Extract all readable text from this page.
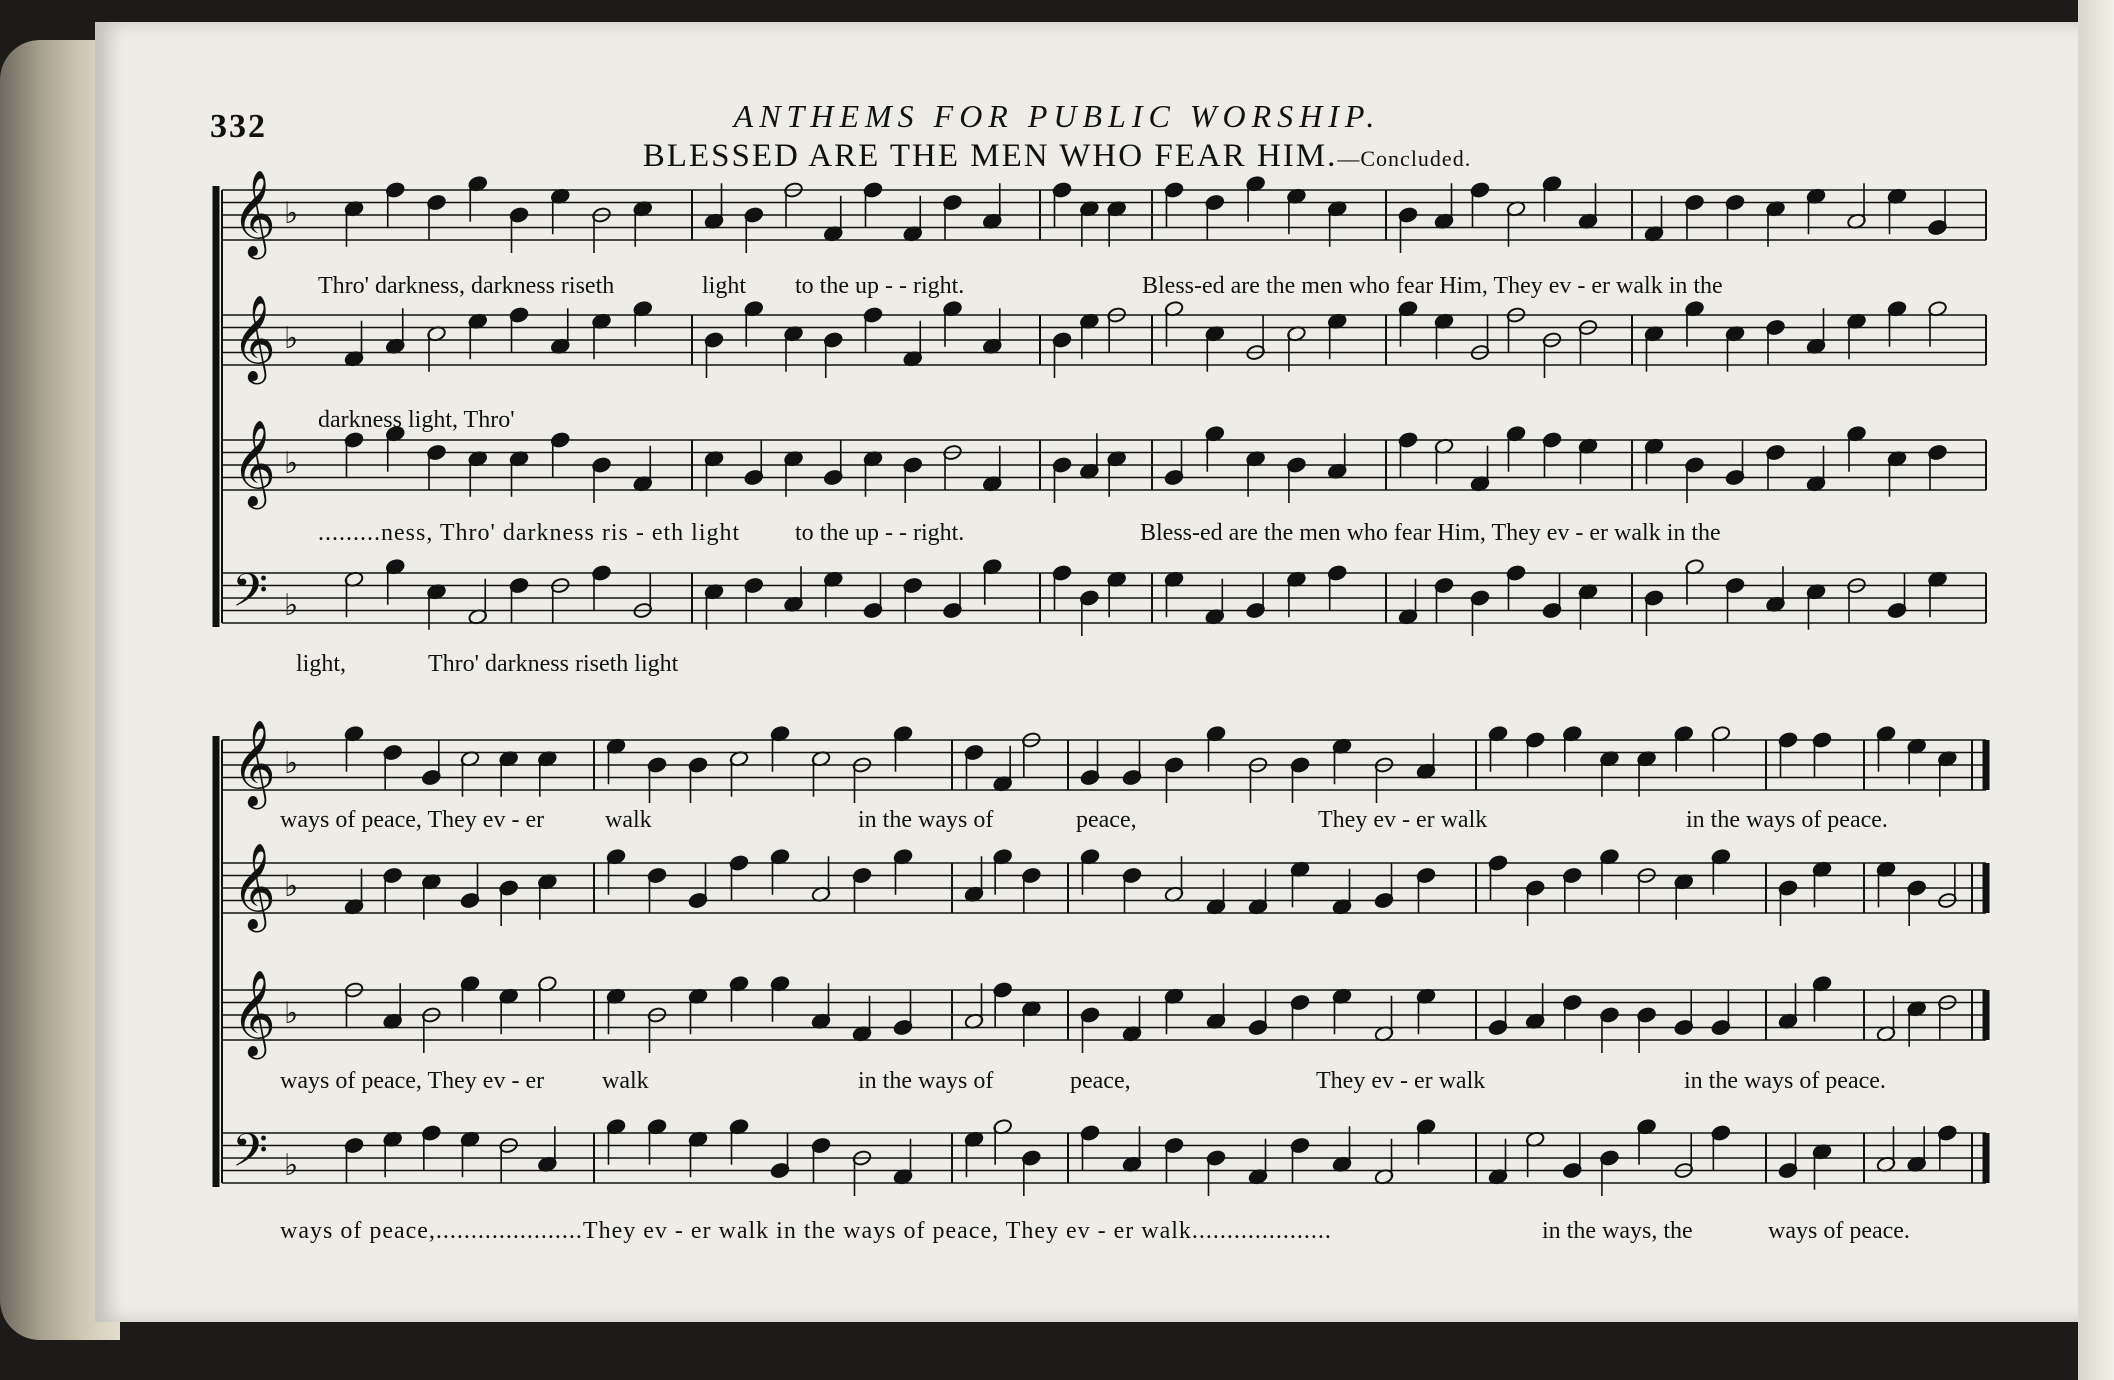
332	ANTHEMS FOR PUBLIC WORSHIP.
BLESSED ARE THE MEN WHO FEAR HIM.—Concluded.
𝄞 ♭
𝄞 ♭
𝄞 ♭
𝄢 ♭
𝄞 ♭
𝄞 ♭
𝄞 ♭
𝄢 ♭
Thro' darkness, darkness riseth	light to the up - - right.	Bless-ed are the men who fear Him, They ev - er walk in the
darkness light, Thro'
.........ness, Thro' darkness ris - eth light to the up - - right.	Bless-ed are the men who fear Him, They ev - er walk in the
light,	Thro' darkness riseth light
ways of peace, They ev - er	walk	in the ways of	peace,	They ev - er walk	in the ways of peace.
ways of peace, They ev - er walk	in the ways of	peace,	They ev - er walk	in the ways of peace.
ways of peace,.....................They ev - er walk in the ways of peace, They ev - er walk....................	in the ways, the	ways of peace.
